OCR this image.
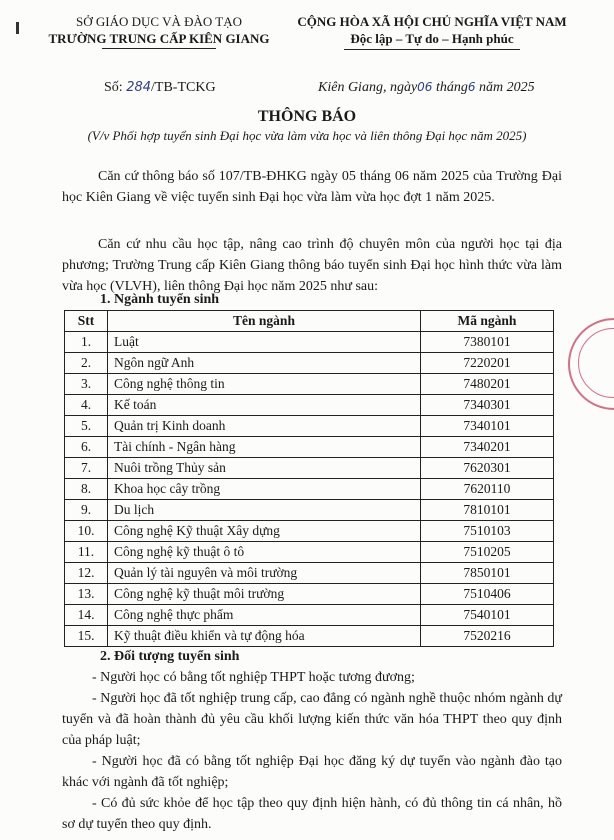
SỞ GIÁO DỤC VÀ ĐÀO TẠO
TRƯỜNG TRUNG CẤP KIÊN GIANG
CỘNG HÒA XÃ HỘI CHỦ NGHĨA VIỆT NAM
Độc lập – Tự do – Hạnh phúc
Số: 284/TB-TCKG	Kiên Giang, ngày06 tháng6 năm 2025
THÔNG BÁO
(V/v Phối hợp tuyển sinh Đại học vừa làm vừa học và liên thông Đại học năm 2025)
Căn cứ thông báo số 107/TB-ĐHKG ngày 05 tháng 06 năm 2025 của Trường Đại học Kiên Giang về việc tuyển sinh Đại học vừa làm vừa học đợt 1 năm 2025.
Căn cứ nhu cầu học tập, nâng cao trình độ chuyên môn của người học tại địa phương; Trường Trung cấp Kiên Giang thông báo tuyển sinh Đại học hình thức vừa làm vừa học (VLVH), liên thông Đại học năm 2025 như sau:
1. Ngành tuyển sinh
Stt	Tên ngành	Mã ngành
1.	Luật	7380101
2.	Ngôn ngữ Anh	7220201
3.	Công nghệ thông tin	7480201
4.	Kế toán	7340301
5.	Quản trị Kinh doanh	7340101
6.	Tài chính - Ngân hàng	7340201
7.	Nuôi trồng Thủy sản	7620301
8.	Khoa học cây trồng	7620110
9.	Du lịch	7810101
10.	Công nghệ Kỹ thuật Xây dựng	7510103
11.	Công nghệ kỹ thuật ô tô	7510205
12.	Quản lý tài nguyên và môi trường	7850101
13.	Công nghệ kỹ thuật môi trường	7510406
14.	Công nghệ thực phẩm	7540101
15.	Kỹ thuật điều khiển và tự động hóa	7520216
2. Đối tượng tuyển sinh
- Người học có bằng tốt nghiệp THPT hoặc tương đương;
- Người học đã tốt nghiệp trung cấp, cao đẳng có ngành nghề thuộc nhóm ngành dự tuyển và đã hoàn thành đủ yêu cầu khối lượng kiến thức văn hóa THPT theo quy định của pháp luật;
- Người học đã có bằng tốt nghiệp Đại học đăng ký dự tuyển vào ngành đào tạo khác với ngành đã tốt nghiệp;
- Có đủ sức khỏe để học tập theo quy định hiện hành, có đủ thông tin cá nhân, hồ sơ dự tuyển theo quy định.
